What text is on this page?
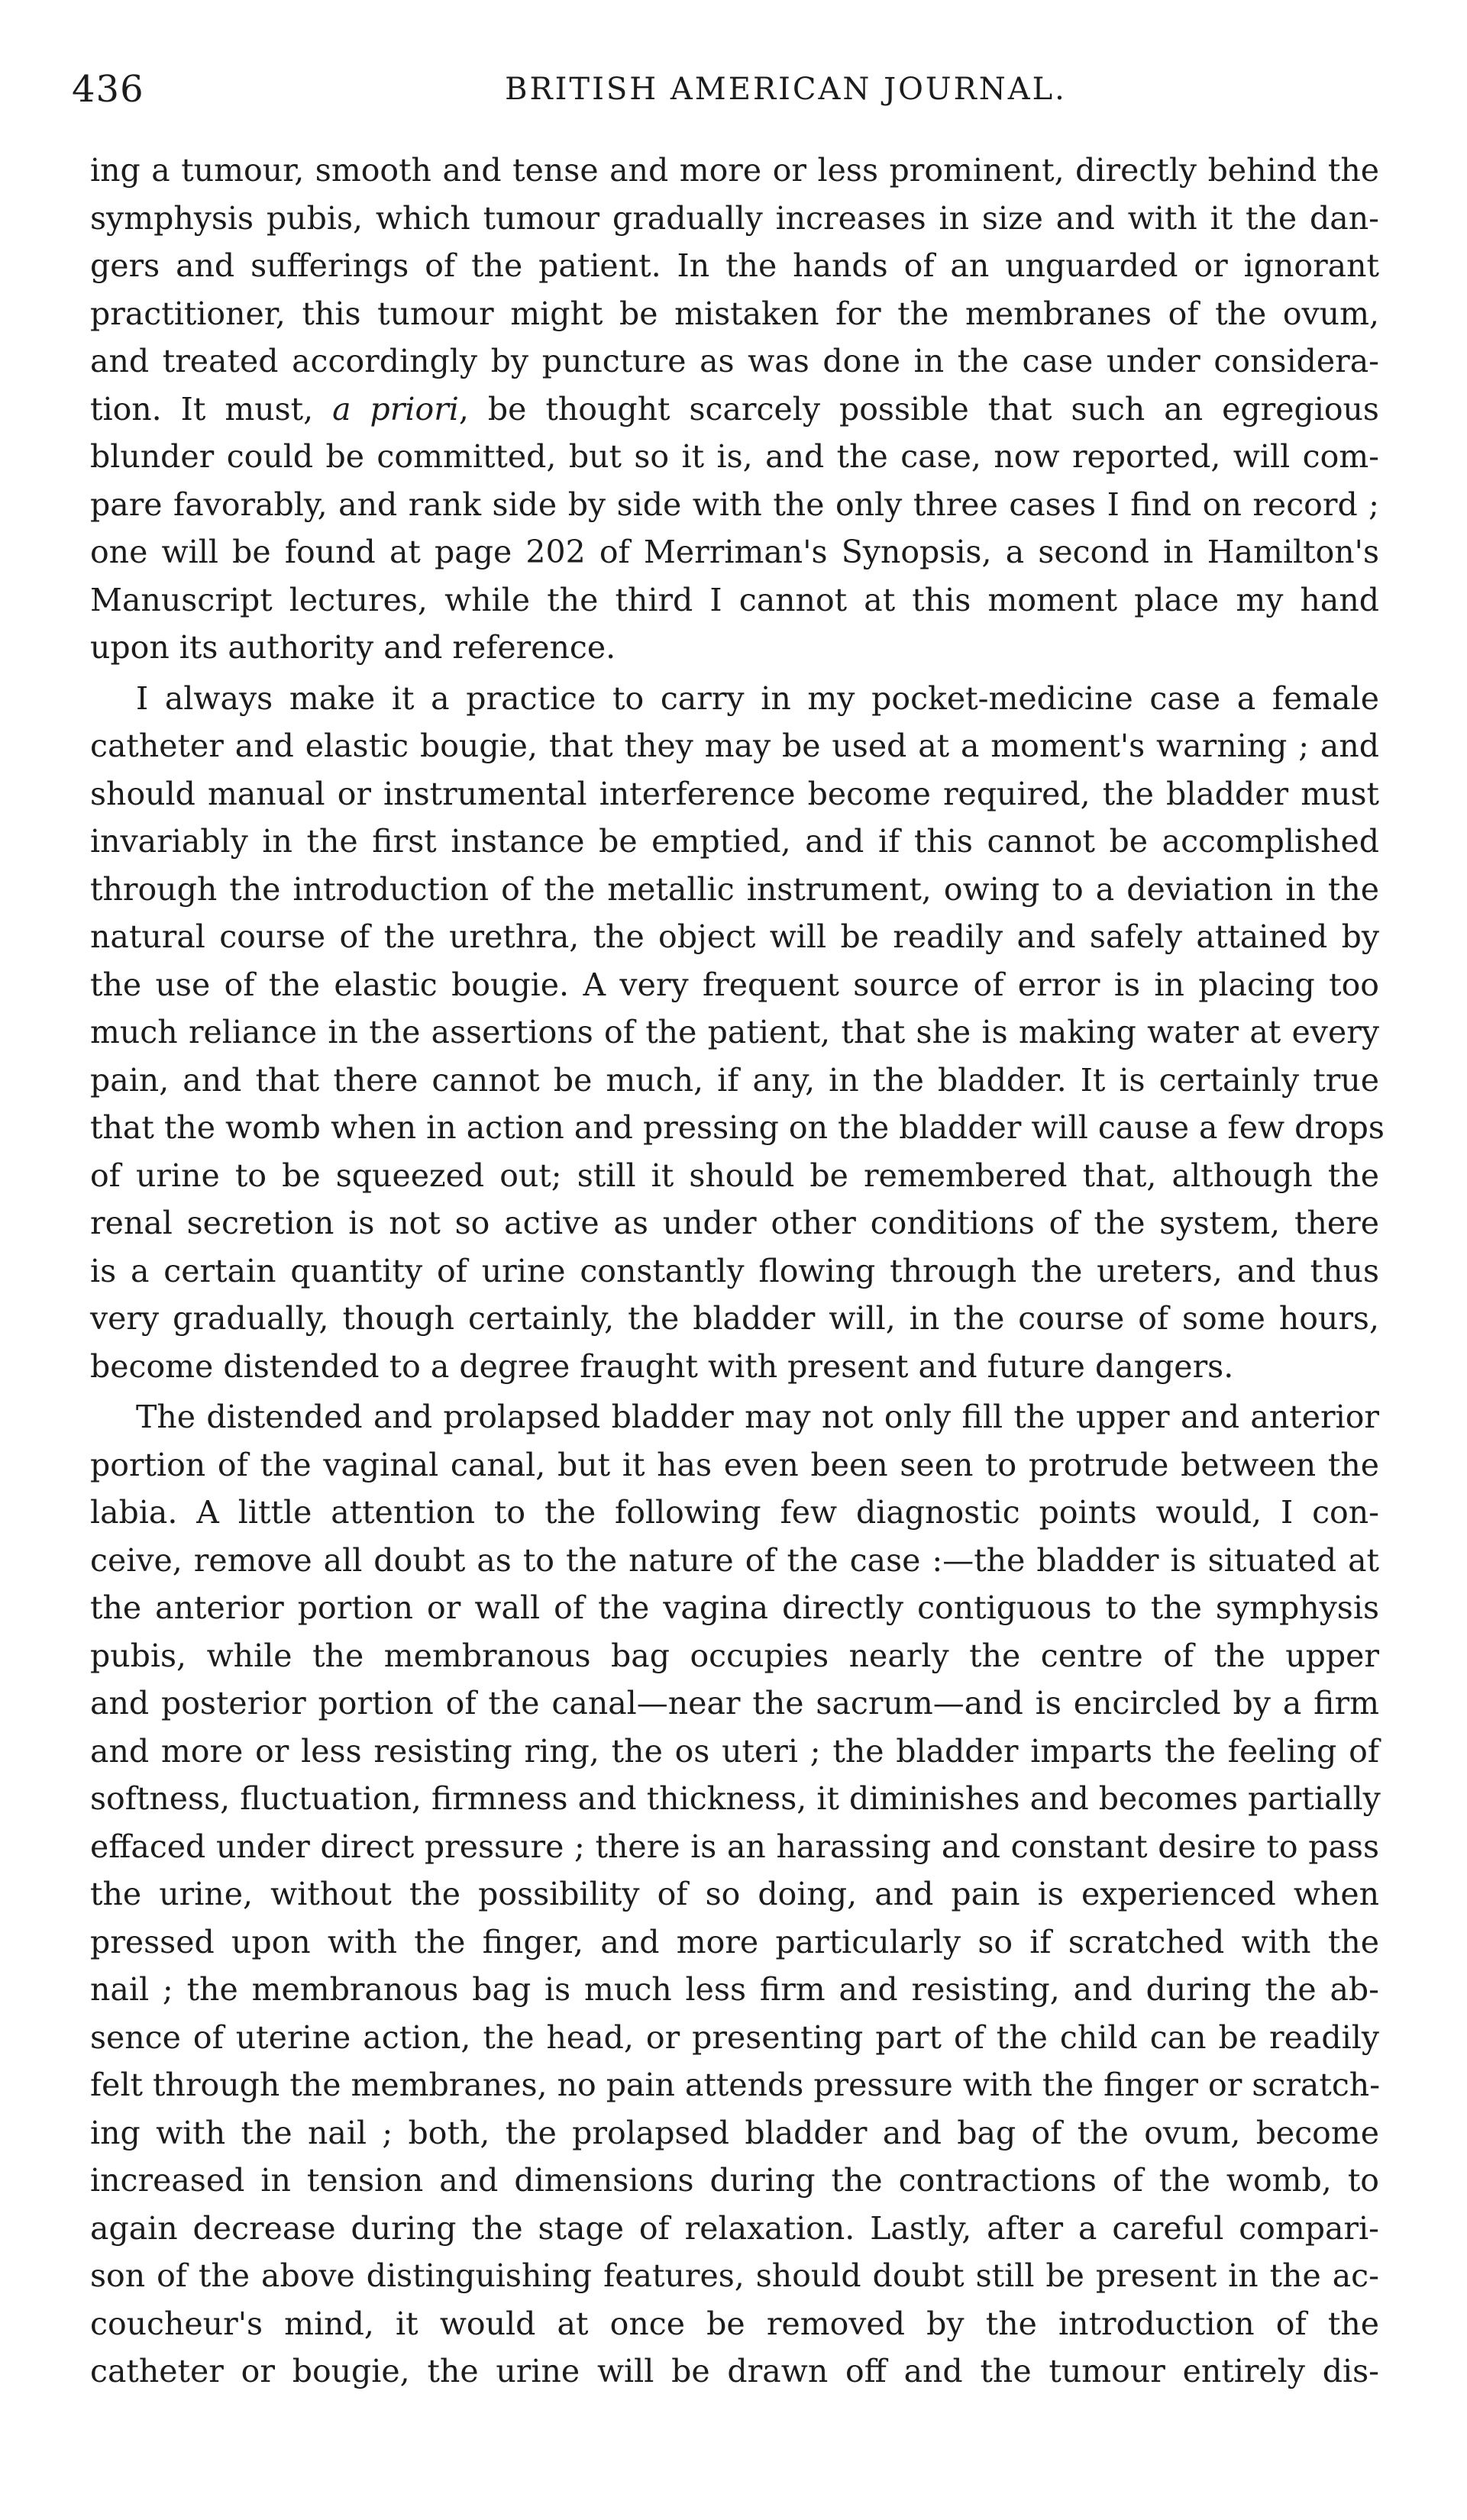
436	BRITISH AMERICAN JOURNAL.

ing a tumour, smooth and tense and more or less prominent, directly behind the
symphysis pubis, which tumour gradually increases in size and with it the dan-
gers and sufferings of the patient. In the hands of an unguarded or ignorant
practitioner, this tumour might be mistaken for the membranes of the ovum,
and treated accordingly by puncture as was done in the case under considera-
tion. It must, a priori, be thought scarcely possible that such an egregious
blunder could be committed, but so it is, and the case, now reported, will com-
pare favorably, and rank side by side with the only three cases I find on record ;
one will be found at page 202 of Merriman's Synopsis, a second in Hamilton's
Manuscript lectures, while the third I cannot at this moment place my hand
upon its authority and reference.

I always make it a practice to carry in my pocket-medicine case a female
catheter and elastic bougie, that they may be used at a moment's warning ; and
should manual or instrumental interference become required, the bladder must
invariably in the first instance be emptied, and if this cannot be accomplished
through the introduction of the metallic instrument, owing to a deviation in the
natural course of the urethra, the object will be readily and safely attained by
the use of the elastic bougie. A very frequent source of error is in placing too
much reliance in the assertions of the patient, that she is making water at every
pain, and that there cannot be much, if any, in the bladder. It is certainly true
that the womb when in action and pressing on the bladder will cause a few drops
of urine to be squeezed out; still it should be remembered that, although the
renal secretion is not so active as under other conditions of the system, there
is a certain quantity of urine constantly flowing through the ureters, and thus
very gradually, though certainly, the bladder will, in the course of some hours,
become distended to a degree fraught with present and future dangers.

The distended and prolapsed bladder may not only fill the upper and anterior
portion of the vaginal canal, but it has even been seen to protrude between the
labia. A little attention to the following few diagnostic points would, I con-
ceive, remove all doubt as to the nature of the case :—the bladder is situated at
the anterior portion or wall of the vagina directly contiguous to the symphysis
pubis, while the membranous bag occupies nearly the centre of the upper
and posterior portion of the canal—near the sacrum—and is encircled by a firm
and more or less resisting ring, the os uteri ; the bladder imparts the feeling of
softness, fluctuation, firmness and thickness, it diminishes and becomes partially
effaced under direct pressure ; there is an harassing and constant desire to pass
the urine, without the possibility of so doing, and pain is experienced when
pressed upon with the finger, and more particularly so if scratched with the
nail ; the membranous bag is much less firm and resisting, and during the ab-
sence of uterine action, the head, or presenting part of the child can be readily
felt through the membranes, no pain attends pressure with the finger or scratch-
ing with the nail ; both, the prolapsed bladder and bag of the ovum, become
increased in tension and dimensions during the contractions of the womb, to
again decrease during the stage of relaxation. Lastly, after a careful compari-
son of the above distinguishing features, should doubt still be present in the ac-
coucheur's mind, it would at once be removed by the introduction of the
catheter or bougie, the urine will be drawn off and the tumour entirely dis-
